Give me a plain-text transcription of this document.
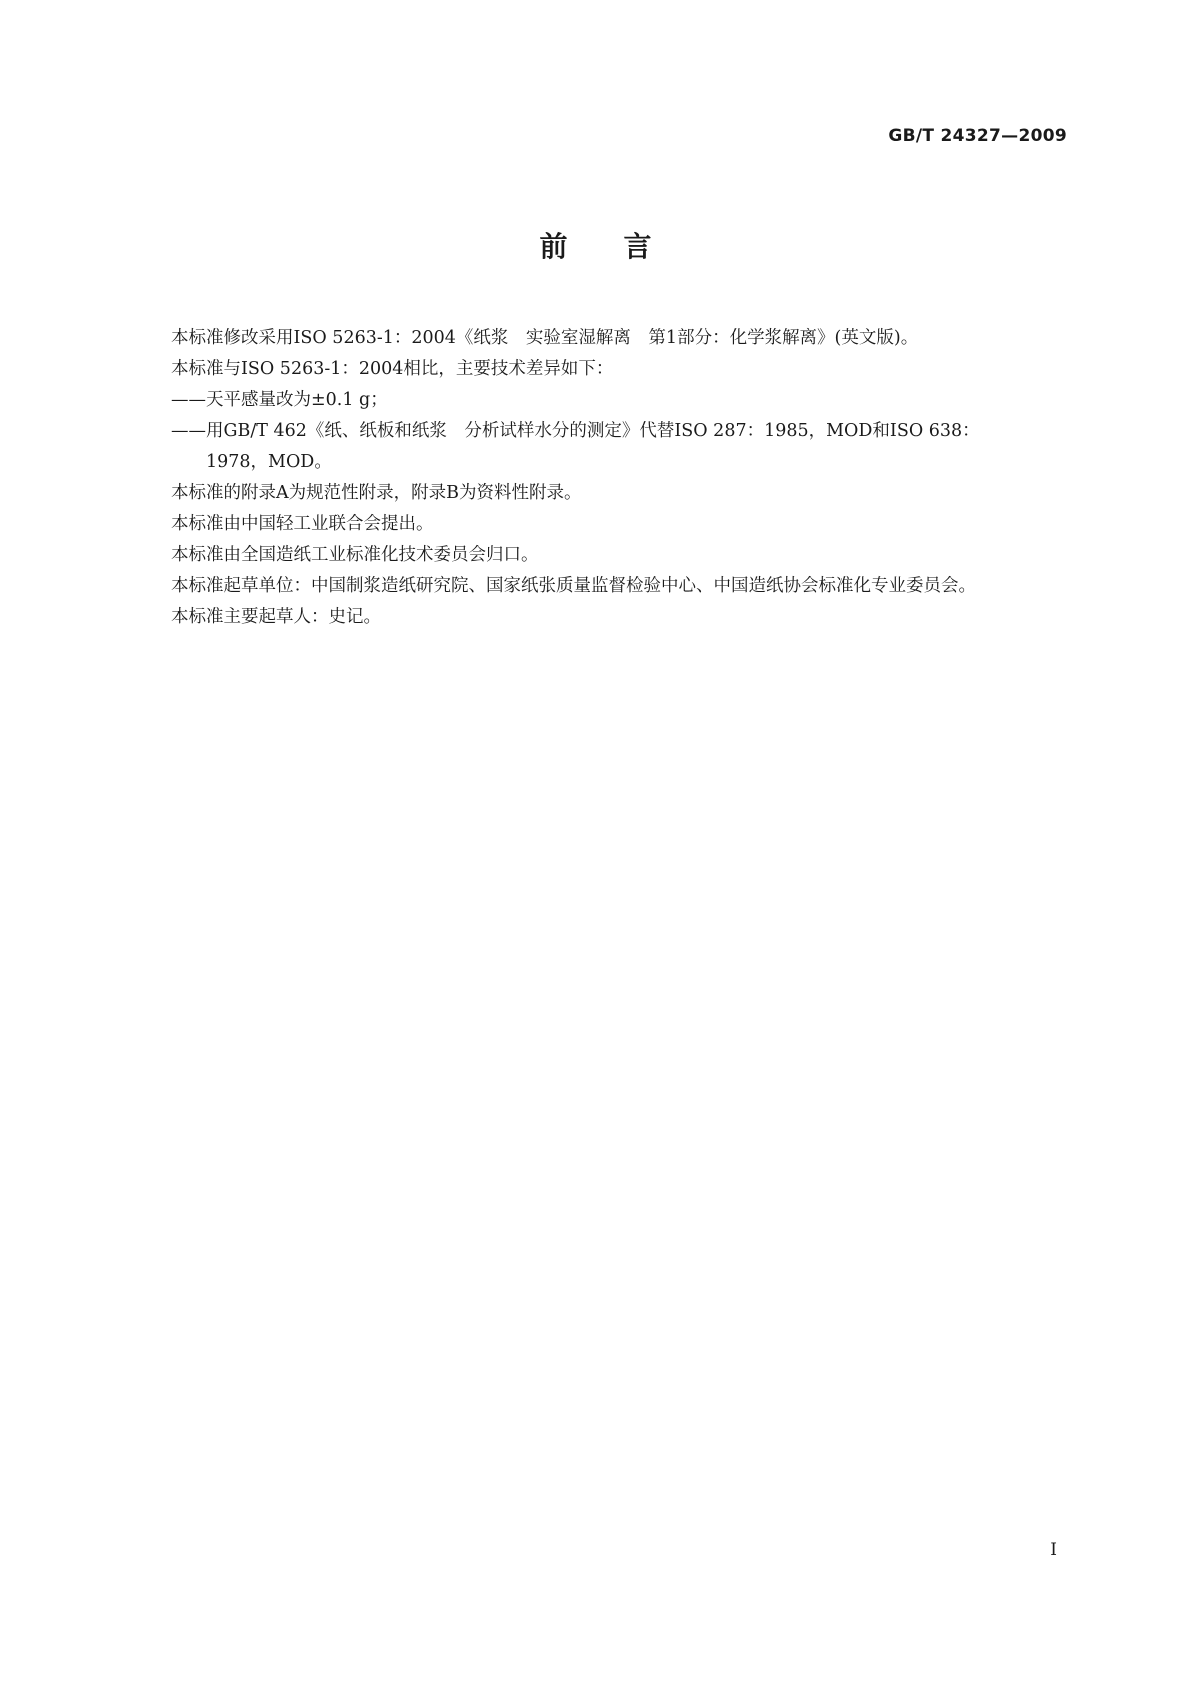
GB/T 24327—2009
前言

本标准修改采用ISO 5263-1：2004《纸浆　实验室湿解离　第1部分：化学浆解离》(英文版)。

本标准与ISO 5263-1：2004相比，主要技术差异如下：

——天平感量改为±0.1 g；

——用GB/T 462《纸、纸板和纸浆　分析试样水分的测定》代替ISO 287：1985，MOD和ISO 638：

1978，MOD。

本标准的附录A为规范性附录，附录B为资料性附录。

本标准由中国轻工业联合会提出。

本标准由全国造纸工业标准化技术委员会归口。

本标准起草单位：中国制浆造纸研究院、国家纸张质量监督检验中心、中国造纸协会标准化专业委员会。

本标准主要起草人：史记。

I
